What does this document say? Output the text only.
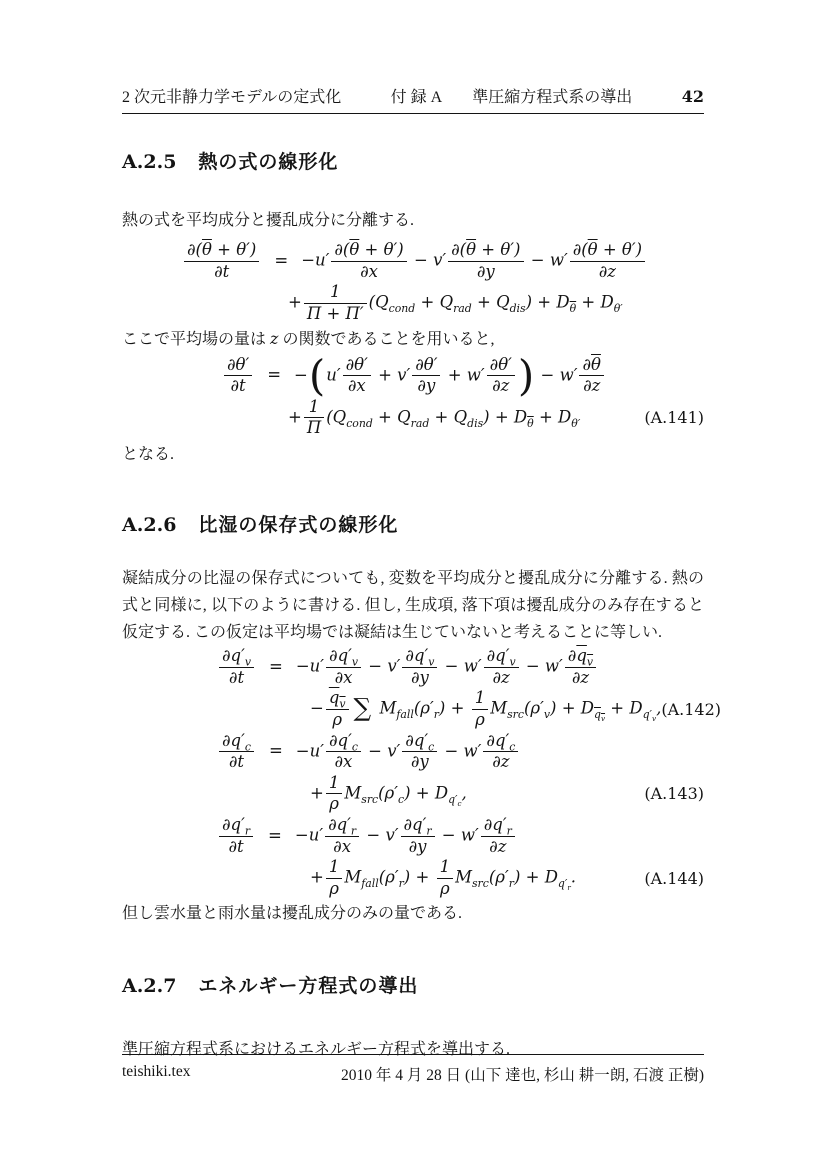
2 次元非静力学モデルの定式化	付 録 A 準圧縮方程式系の導出	42
A.2.5 熱の式の線形化

熱の式を平均成分と擾乱成分に分離する.

$\frac{\partial(\overline{\theta} + \theta')}{\partial t} = -u' \frac{\partial(\overline{\theta} + \theta')}{\partial x} - v' \frac{\partial(\overline{\theta} + \theta')}{\partial y} - w' \frac{\partial(\overline{\theta} + \theta')}{\partial z}$
+ $\frac{1}{\overline{\Pi} + \Pi'} (Q_{cond} + Q_{rad} + Q_{dis}) + D_{\overline{\theta}} + D_{\theta'}$

ここで平均場の量は z の関数であることを用いると,

$\frac{\partial\theta'}{\partial t} = -(u' \frac{\partial\theta'}{\partial x} + v' \frac{\partial\theta'}{\partial y} + w' \frac{\partial\theta'}{\partial z}$ ) − $w' \frac{\partial\overline{\theta}}{\partial z}$
+ $\frac{1}{\Pi} (Q_{cond} + Q_{rad} + Q_{dis}) + D_{\overline{\theta}} + D_{\theta'}$	(A.141)

となる.

A.2.6 比湿の保存式の線形化

凝結成分の比湿の保存式についても, 変数を平均成分と擾乱成分に分離する. 熱の式と同様に, 以下のように書ける. 但し, 生成項, 落下項は擾乱成分のみ存在すると仮定する. この仮定は平均場では凝結は生じていないと考えることに等しい.

$\frac{\partial q'_v}{\partial t} = -u' \frac{\partial q'_v}{\partial x} - v' \frac{\partial q'_v}{\partial y} - w' \frac{\partial q'_v}{\partial z} - w' \frac{\partial q_v}{\partial z}$
− $\frac{q_v}{\rho}$ ∑ $M_{fall}(\rho'_r) + \frac{1}{\rho} M_{src}(\rho'_v) + D_{q_v} + D_{q'_v}$, (A.142)
$\frac{\partial q'_c}{\partial t} = -u' \frac{\partial q'_c}{\partial x} - v' \frac{\partial q'_c}{\partial y} - w' \frac{\partial q'_c}{\partial z}$
+ $\frac{1}{\rho} M_{src}(\rho'_c) + D_{q'_c}$,	(A.143)
$\frac{\partial q'_r}{\partial t} = -u' \frac{\partial q'_r}{\partial x} - v' \frac{\partial q'_r}{\partial y} - w' \frac{\partial q'_r}{\partial z}$
+ $\frac{1}{\rho} M_{fall}(\rho'_r) + \frac{1}{\rho} M_{src}(\rho'_r) + D_{q'_r}$.	(A.144)

但し雲水量と雨水量は擾乱成分のみの量である.

A.2.7 エネルギー方程式の導出

準圧縮方程式系におけるエネルギー方程式を導出する.

teishiki.tex	2010 年 4 月 28 日 (山下 達也, 杉山 耕一朗, 石渡 正樹)
